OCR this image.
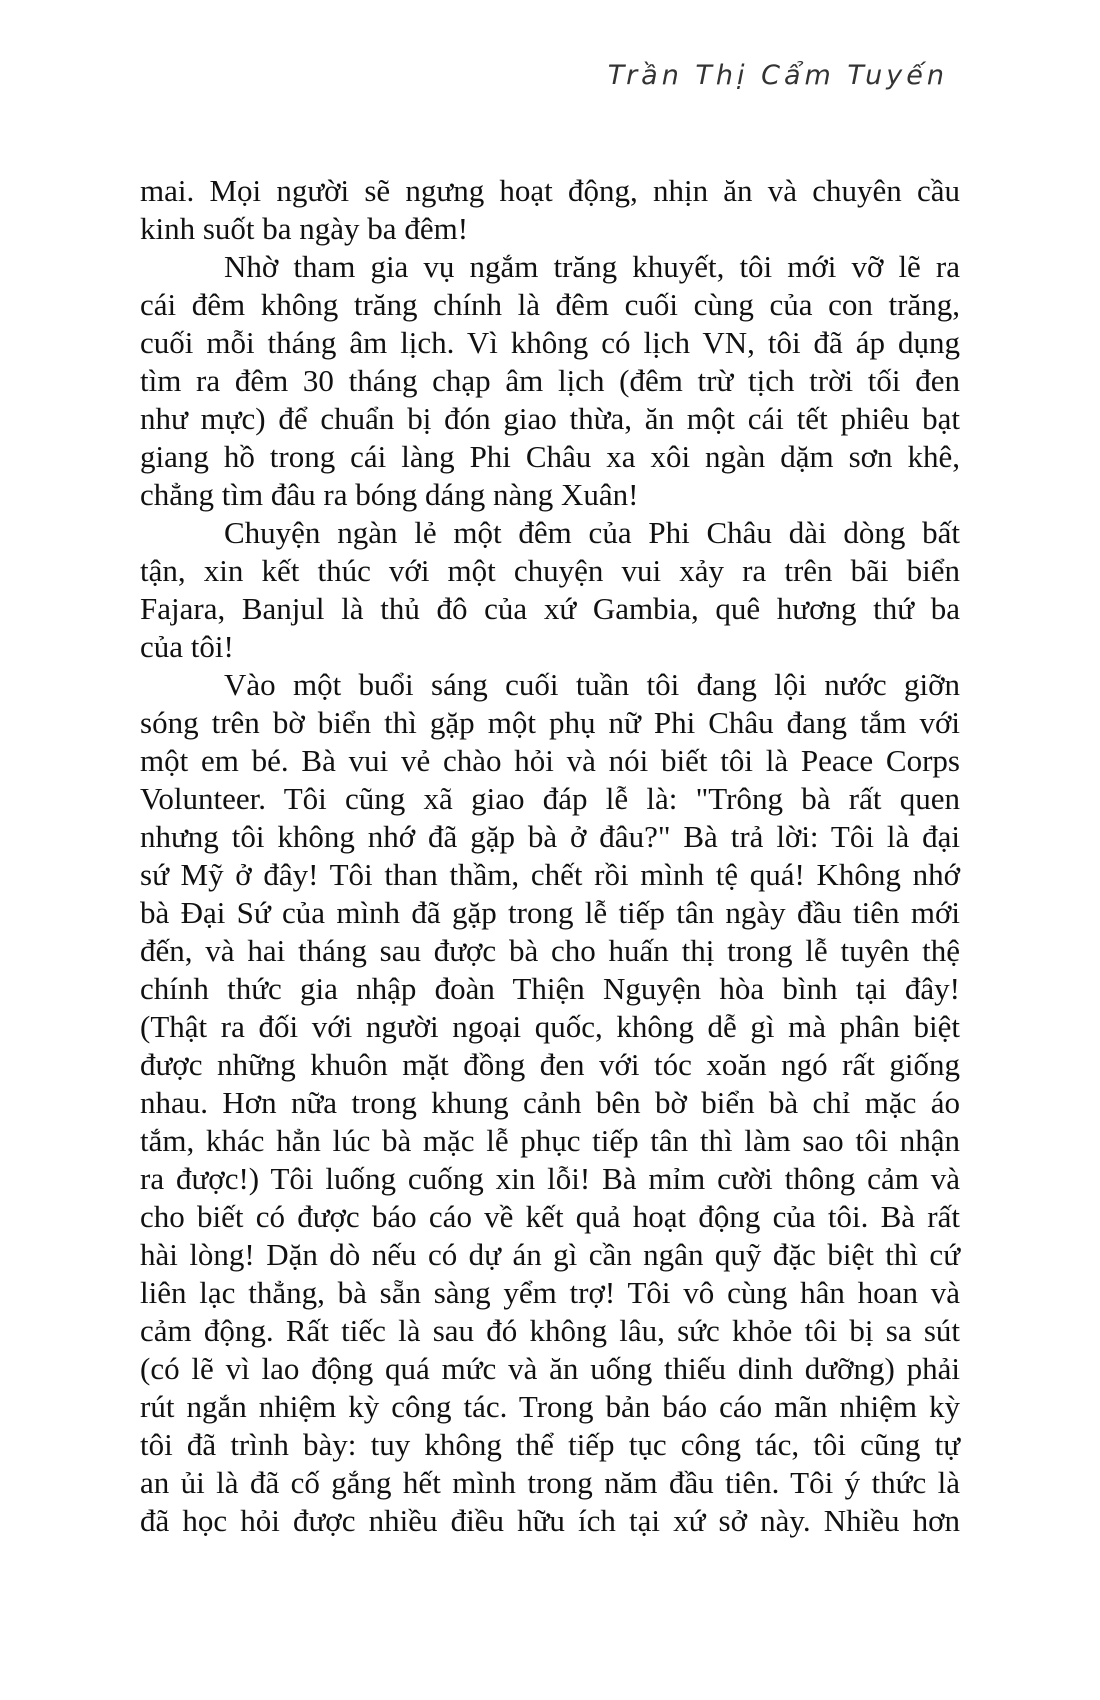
Trần Thị Cẩm Tuyến
mai. Mọi người sẽ ngưng hoạt động, nhịn ăn và chuyên cầu
kinh suốt ba ngày ba đêm!
Nhờ tham gia vụ ngắm trăng khuyết, tôi mới vỡ lẽ ra
cái đêm không trăng chính là đêm cuối cùng của con trăng,
cuối mỗi tháng âm lịch. Vì không có lịch VN, tôi đã áp dụng
tìm ra đêm 30 tháng chạp âm lịch (đêm trừ tịch trời tối đen
như mực) để chuẩn bị đón giao thừa, ăn một cái tết phiêu bạt
giang hồ trong cái làng Phi Châu xa xôi ngàn dặm sơn khê,
chẳng tìm đâu ra bóng dáng nàng Xuân!
Chuyện ngàn lẻ một đêm của Phi Châu dài dòng bất
tận, xin kết thúc với một chuyện vui xảy ra trên bãi biển
Fajara, Banjul là thủ đô của xứ Gambia, quê hương thứ ba
của tôi!
Vào một buổi sáng cuối tuần tôi đang lội nước giỡn
sóng trên bờ biển thì gặp một phụ nữ Phi Châu đang tắm với
một em bé. Bà vui vẻ chào hỏi và nói biết tôi là Peace Corps
Volunteer. Tôi cũng xã giao đáp lễ là: "Trông bà rất quen
nhưng tôi không nhớ đã gặp bà ở đâu?" Bà trả lời: Tôi là đại
sứ Mỹ ở đây! Tôi than thầm, chết rồi mình tệ quá! Không nhớ
bà Đại Sứ của mình đã gặp trong lễ tiếp tân ngày đầu tiên mới
đến, và hai tháng sau được bà cho huấn thị trong lễ tuyên thệ
chính thức gia nhập đoàn Thiện Nguyện hòa bình tại đây!
(Thật ra đối với người ngoại quốc, không dễ gì mà phân biệt
được những khuôn mặt đồng đen với tóc xoăn ngó rất giống
nhau. Hơn nữa trong khung cảnh bên bờ biển bà chỉ mặc áo
tắm, khác hẳn lúc bà mặc lễ phục tiếp tân thì làm sao tôi nhận
ra được!) Tôi luống cuống xin lỗi! Bà mỉm cười thông cảm và
cho biết có được báo cáo về kết quả hoạt động của tôi. Bà rất
hài lòng! Dặn dò nếu có dự án gì cần ngân quỹ đặc biệt thì cứ
liên lạc thẳng, bà sẵn sàng yểm trợ! Tôi vô cùng hân hoan và
cảm động. Rất tiếc là sau đó không lâu, sức khỏe tôi bị sa sút
(có lẽ vì lao động quá mức và ăn uống thiếu dinh dưỡng) phải
rút ngắn nhiệm kỳ công tác. Trong bản báo cáo mãn nhiệm kỳ
tôi đã trình bày: tuy không thể tiếp tục công tác, tôi cũng tự
an ủi là đã cố gắng hết mình trong năm đầu tiên. Tôi ý thức là
đã học hỏi được nhiều điều hữu ích tại xứ sở này. Nhiều hơn
